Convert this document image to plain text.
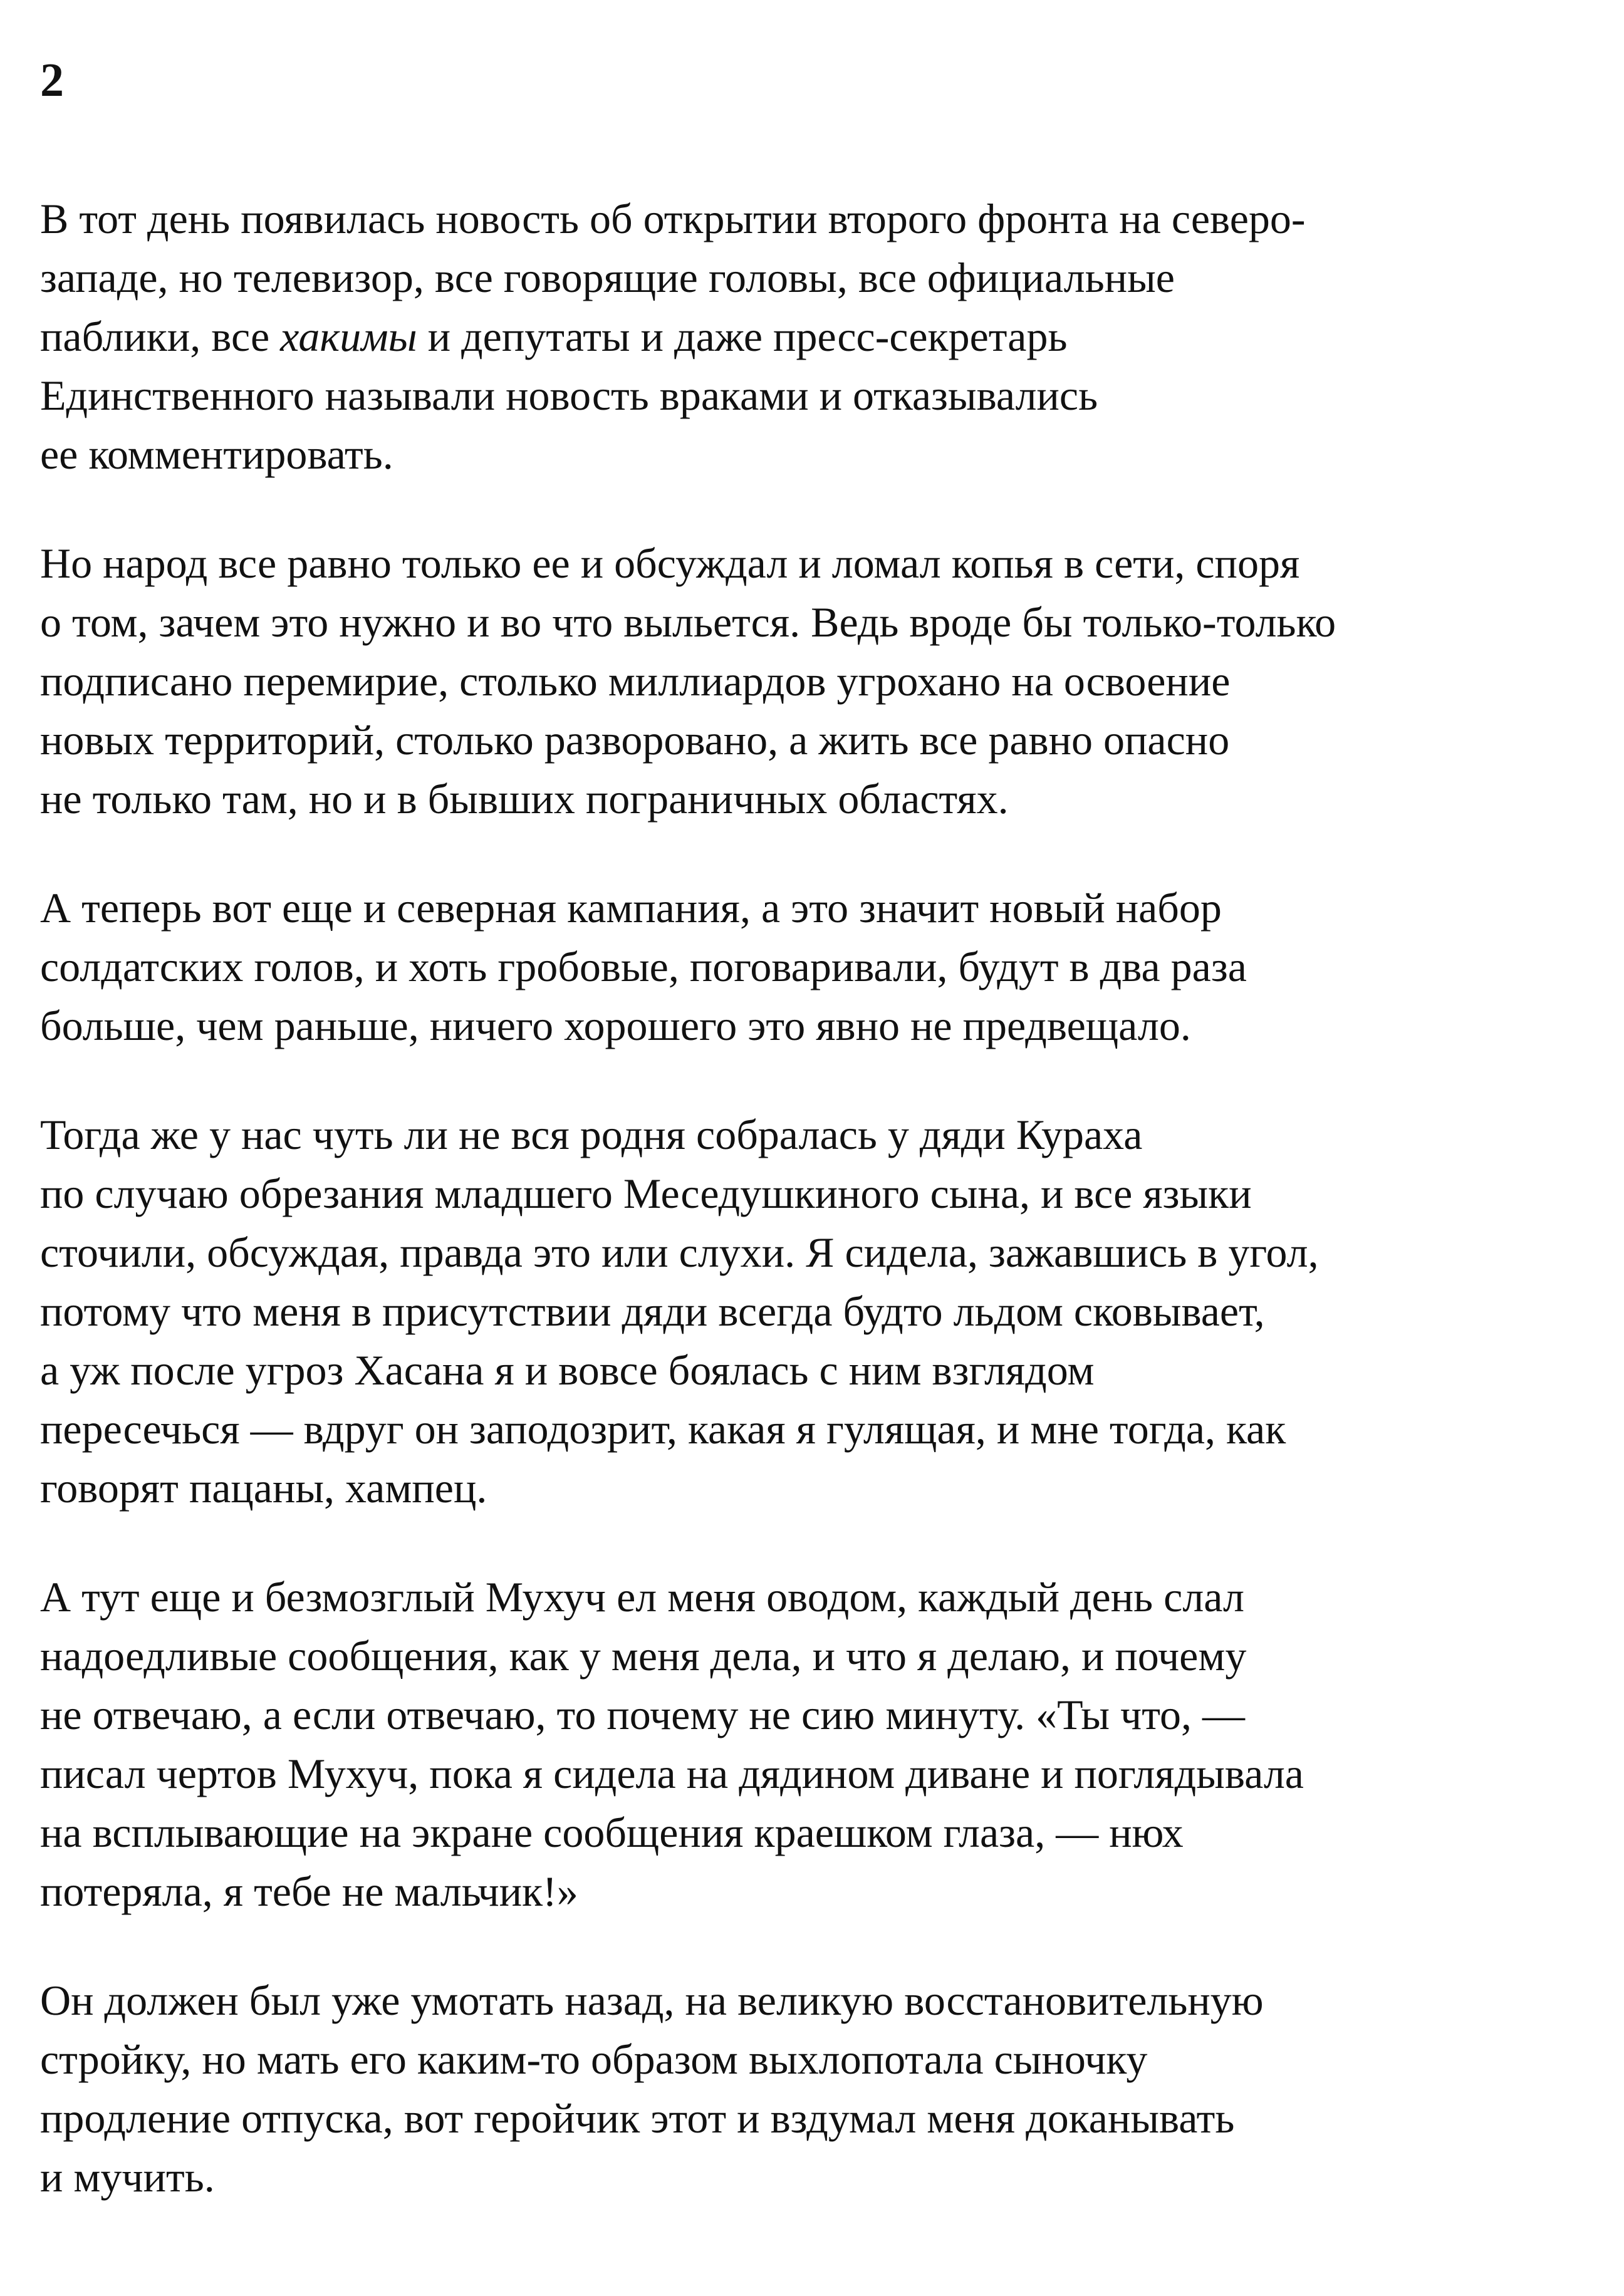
2
В тот день появилась новость об открытии второго фронта на северо-
западе, но телевизор, все говорящие головы, все официальные
паблики, все хакимы и депутаты и даже пресс-секретарь
Единственного называли новость враками и отказывались
ее комментировать.
Но народ все равно только ее и обсуждал и ломал копья в сети, споря
о том, зачем это нужно и во что выльется. Ведь вроде бы только-только
подписано перемирие, столько миллиардов угрохано на освоение
новых территорий, столько разворовано, а жить все равно опасно
не только там, но и в бывших пограничных областях.
А теперь вот еще и северная кампания, а это значит новый набор
солдатских голов, и хоть гробовые, поговаривали, будут в два раза
больше, чем раньше, ничего хорошего это явно не предвещало.
Тогда же у нас чуть ли не вся родня собралась у дяди Кураха
по случаю обрезания младшего Меседушкиного сына, и все языки
сточили, обсуждая, правда это или слухи. Я сидела, зажавшись в угол,
потому что меня в присутствии дяди всегда будто льдом сковывает,
а уж после угроз Хасана я и вовсе боялась с ним взглядом
пересечься — вдруг он заподозрит, какая я гулящая, и мне тогда, как
говорят пацаны, хампец.
А тут еще и безмозглый Мухуч ел меня оводом, каждый день слал
надоедливые сообщения, как у меня дела, и что я делаю, и почему
не отвечаю, а если отвечаю, то почему не сию минуту. «Ты что, —
писал чертов Мухуч, пока я сидела на дядином диване и поглядывала
на всплывающие на экране сообщения краешком глаза, — нюх
потеряла, я тебе не мальчик!»
Он должен был уже умотать назад, на великую восстановительную
стройку, но мать его каким-то образом выхлопотала сыночку
продление отпуска, вот геройчик этот и вздумал меня доканывать
и мучить.
